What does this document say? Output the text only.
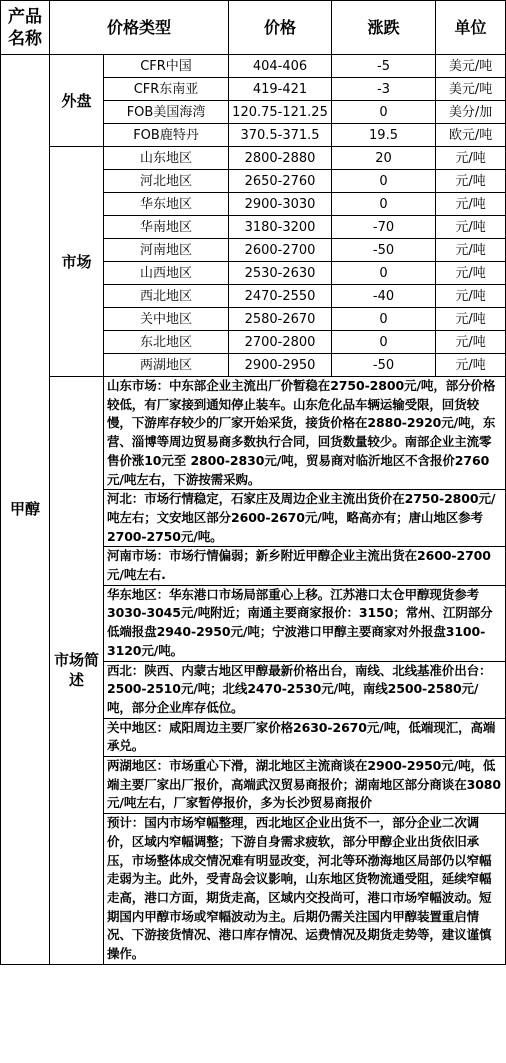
产品名称	价格类型		价格	涨跌	单位
甲醇	外盘	CFR中国	404-406	-5	美元/吨
		CFR东南亚	419-421	-3	美元/吨
		FOB美国海湾	120.75-121.25	0	美分/加
		FOB鹿特丹	370.5-371.5	19.5	欧元/吨
	市场	山东地区	2800-2880	20	元/吨
		河北地区	2650-2760	0	元/吨
		华东地区	2900-3030	0	元/吨
		华南地区	3180-3200	-70	元/吨
		河南地区	2600-2700	-50	元/吨
		山西地区	2530-2630	0	元/吨
		西北地区	2470-2550	-40	元/吨
		关中地区	2580-2670	0	元/吨
		东北地区	2700-2800	0	元/吨
		两湖地区	2900-2950	-50	元/吨
	市场简述	山东市场：中东部企业主流出厂价暂稳在2750-2800元/吨，部分价格较低，有厂家接到通知停止装车。山东危化品车辆运输受限，回货较慢，下游库存较少的厂家开始采货，接货价格在2880-2920元/吨，东营、淄博等周边贸易商多数执行合同，回货数量较少。南部企业主流零售价涨10元至 2800-2830元/吨，贸易商对临沂地区不含报价2760元/吨左右，下游按需采购。			
		河北：市场行情稳定，石家庄及周边企业主流出货价在2750-2800元/吨左右；文安地区部分2600-2670元/吨，略高亦有；唐山地区参考2700-2750元/吨。			
		河南市场：市场行情偏弱；新乡附近甲醇企业主流出货在2600-2700元/吨左右.			
		华东地区：华东港口市场局部重心上移。江苏港口太仓甲醇现货参考3030-3045元/吨附近；南通主要商家报价：3150；常州、江阴部分低端报盘2940-2950元/吨；宁波港口甲醇主要商家对外报盘3100-3120元/吨。			
		西北：陕西、内蒙古地区甲醇最新价格出台，南线、北线基准价出台：2500-2510元/吨；北线2470-2530元/吨，南线2500-2580元/吨，部分企业库存低位。			
		关中地区：咸阳周边主要厂家价格2630-2670元/吨，低端现汇，高端承兑。			
		两湖地区：市场重心下滑，湖北地区主流商谈在2900-2950元/吨，低端主要厂家出厂报价，高端武汉贸易商报价；湖南地区部分商谈在3080元/吨左右，厂家暂停报价，多为长沙贸易商报价			
		预计：国内市场窄幅整理，西北地区企业出货不一，部分企业二次调价，区域内窄幅调整；下游自身需求疲软，部分甲醇企业出货依旧承压，市场整体成交情况难有明显改变，河北等环渤海地区局部仍以窄幅走弱为主。此外，受青岛会议影响，山东地区货物流通受阻，延续窄幅走高，港口方面，期货走高，区域内交投尚可，港口市场窄幅波动。短期国内甲醇市场或窄幅波动为主。后期仍需关注国内甲醇装置重启情况、下游接货情况、港口库存情况、运费情况及期货走势等，建议谨慎操作。			
